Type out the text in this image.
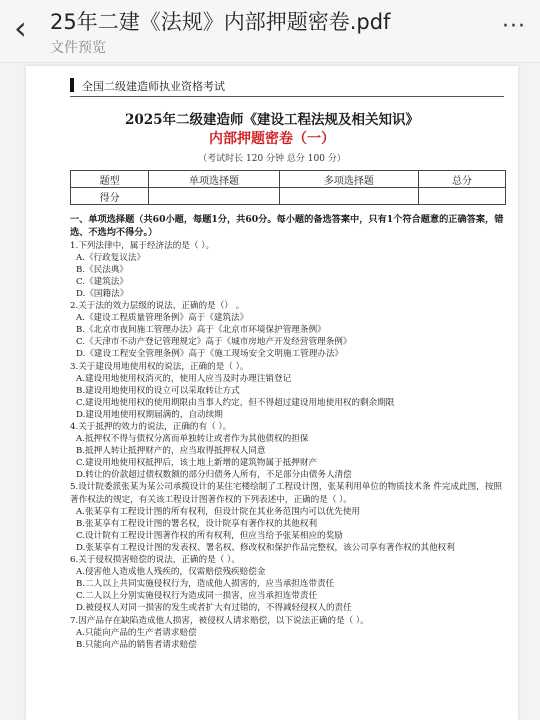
‹	25年二建《法规》内部押题密卷.pdf
文件预览
···
全国二级建造师执业资格考试
2025年二级建造师《建设工程法规及相关知识》
内部押题密卷（一）
（考试时长 120 分钟 总分 100 分）
题型	单项选择题	多项选择题	总分
得分			
一、单项选择题（共60小题，每题1分，共60分。每小题的备选答案中，只有1个符合题意的正确答案，错选、不选均不得分。）
1.下列法律中，属于经济法的是（ ）。
A.《行政复议法》
B.《民法典》
C.《建筑法》
D.《国籍法》
2.关于法的效力层级的说法，正确的是（） 。
A.《建设工程质量管理条例》高于《建筑法》
B.《北京市夜间施工管理办法》高于《北京市环境保护管理条例》
C.《天津市不动产登记管理规定》高于《城市房地产开发经营管理条例》
D.《建设工程安全管理条例》高于《施工现场安全文明施工管理办法》
3.关于建设用地使用权的说法，正确的是（ ）。
A.建设用地使用权消灭的，使用人应当及时办理注销登记
B.建设用地使用权的设立可以采取转让方式
C.建设用地使用权的使用期限由当事人约定，但不得超过建设用地使用权的剩余期限
D.建设用地使用权期届满的，自动续期
4.关于抵押的效力的说法，正确的有（ ）。
A.抵押权不得与债权分离而单独转让或者作为其他债权的担保
B.抵押人转让抵押财产的，应当取得抵押权人同意
C.建设用地使用权抵押后，该土地上新增的建筑物属于抵押财产
D.转让的价款超过债权数额的部分归债务人所有，不足部分由债务人清偿
5.设计院委派张某为某公司承揽设计的某住宅楼绘制了工程设计图，张某利用单位的物质技术条 件完成此图，按照著作权法的规定，有关该工程设计图著作权的下列表述中，正确的是（ ）。
A.张某享有工程设计图的所有权利，但设计院在其业务范围内可以优先使用
B.张某享有工程设计图的署名权，设计院享有著作权的其他权利
C.设计院有工程设计图著作权的所有权利，但应当给予张某相应的奖励
D.张某享有工程设计图的发表权、署名权、修改权和保护作品完整权，该公司享有著作权的其他权利
6.关于侵权损害赔偿的说法，正确的是（ ）。
A.侵害他人造成他人残疾的，仅需赔偿残疾赔偿金
B.二人以上共同实施侵权行为，造成他人损害的，应当承担连带责任
C.二人以上分别实施侵权行为造成同一损害，应当承担连带责任
D.被侵权人对同一损害的发生或者扩大有过错的，不得减轻侵权人的责任
7.因产品存在缺陷造成他人损害，被侵权人请求赔偿，以下说法正确的是（ ）。
A.只能向产品的生产者请求赔偿
B.只能向产品的销售者请求赔偿
